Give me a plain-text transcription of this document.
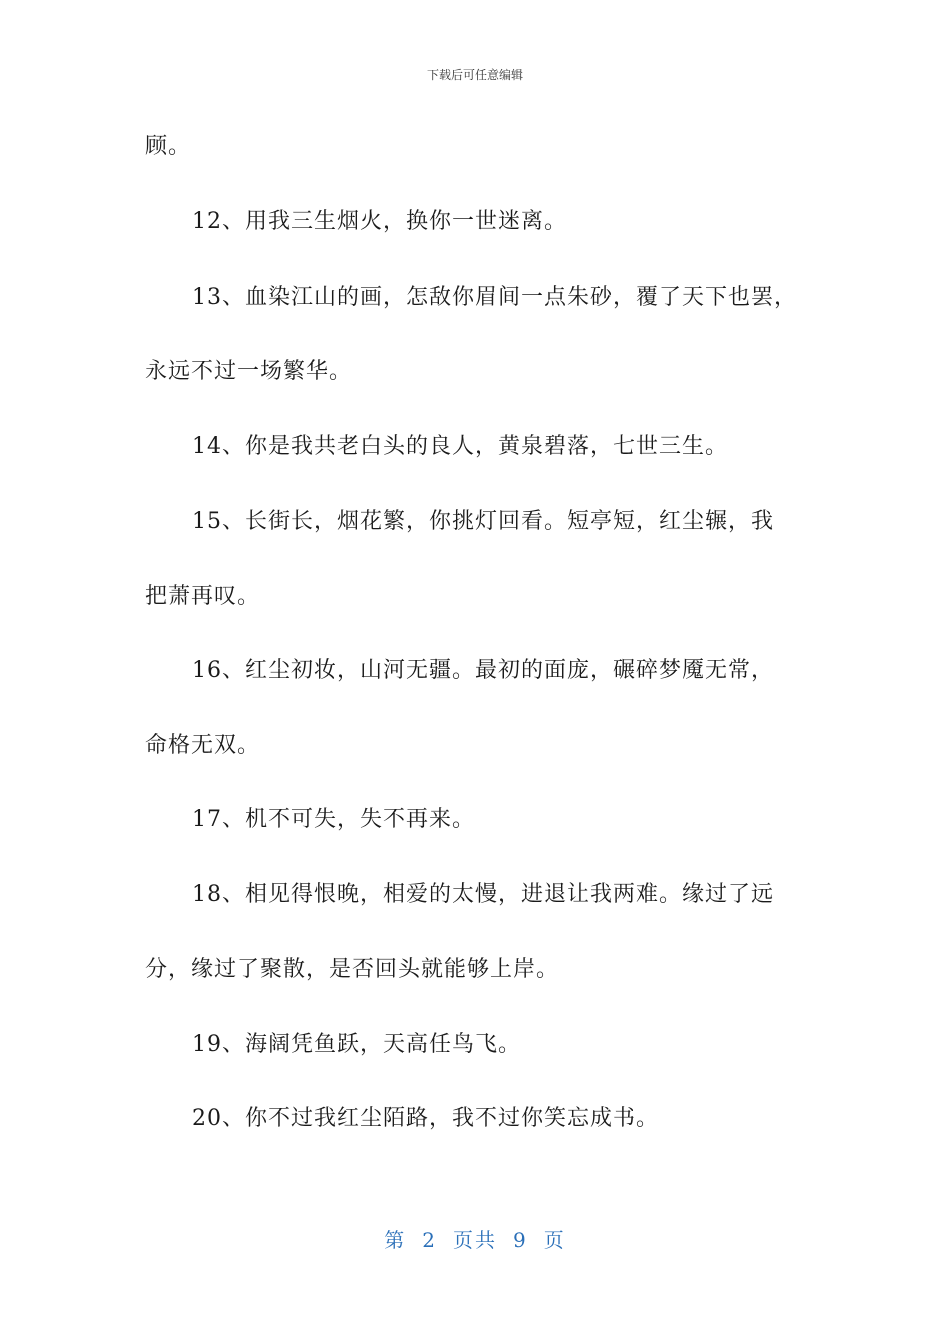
下载后可任意编辑
顾。
12、用我三生烟火，换你一世迷离。
13、血染江山的画，怎敌你眉间一点朱砂，覆了天下也罢，
永远不过一场繁华。
14、你是我共老白头的良人，黄泉碧落，七世三生。
15、长街长，烟花繁，你挑灯回看。短亭短，红尘辗，我
把萧再叹。
16、红尘初妆，山河无疆。最初的面庞，碾碎梦魇无常，
命格无双。
17、机不可失，失不再来。
18、相见得恨晚，相爱的太慢，进退让我两难。缘过了远
分，缘过了聚散，是否回头就能够上岸。
19、海阔凭鱼跃，天高任鸟飞。
20、你不过我红尘陌路，我不过你笑忘成书。
第 2 页共 9 页
